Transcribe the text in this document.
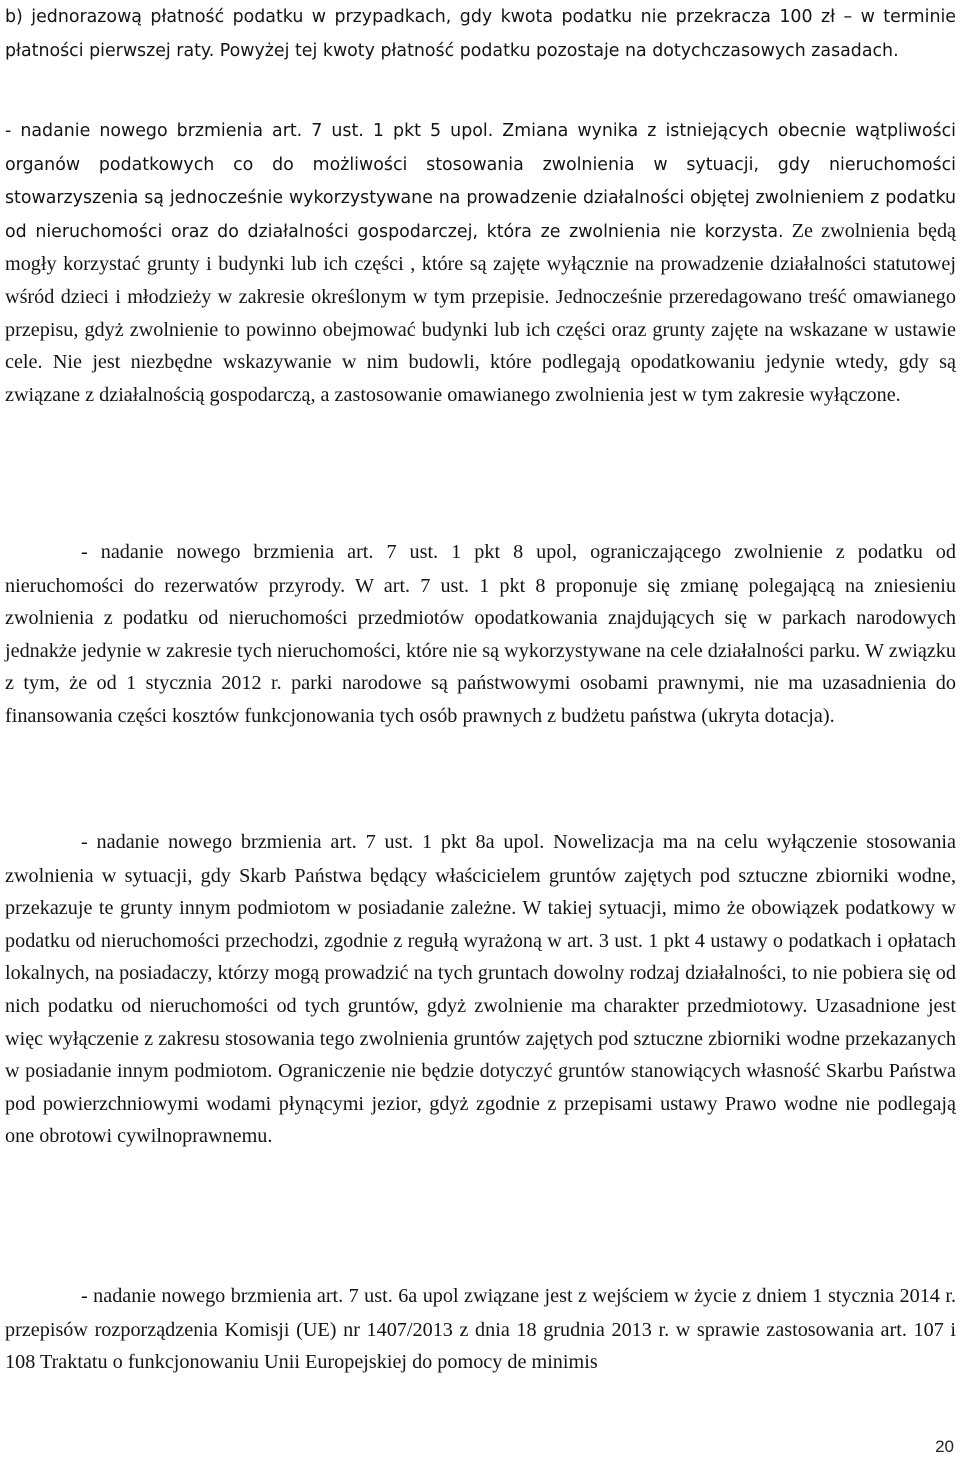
b) jednorazową płatność podatku w przypadkach, gdy kwota podatku nie przekracza 100 zł – w terminie płatności pierwszej raty. Powyżej tej kwoty płatność podatku pozostaje na dotychczasowych zasadach.

- nadanie nowego brzmienia art. 7 ust. 1 pkt 5 upol. Zmiana wynika z istniejących obecnie wątpliwości organów podatkowych co do możliwości stosowania zwolnienia w sytuacji, gdy nieruchomości stowarzyszenia są jednocześnie wykorzystywane na prowadzenie działalności objętej zwolnieniem z podatku od nieruchomości oraz do działalności gospodarczej, która ze zwolnienia nie korzysta. Ze zwolnienia będą mogły korzystać grunty i budynki lub ich części , które są zajęte wyłącznie na prowadzenie działalności statutowej wśród dzieci i młodzieży w zakresie określonym w tym przepisie. Jednocześnie przeredagowano treść omawianego przepisu, gdyż zwolnienie to powinno obejmować budynki lub ich części oraz grunty zajęte na wskazane w ustawie cele. Nie jest niezbędne wskazywanie w nim budowli, które podlegają opodatkowaniu jedynie wtedy, gdy są związane z działalnością gospodarczą, a zastosowanie omawianego zwolnienia jest w tym zakresie wyłączone.

- nadanie nowego brzmienia art. 7 ust. 1 pkt 8 upol, ograniczającego zwolnienie z podatku od nieruchomości do rezerwatów przyrody. W art. 7 ust. 1 pkt 8 proponuje się zmianę polegającą na zniesieniu zwolnienia z podatku od nieruchomości przedmiotów opodatkowania znajdujących się w parkach narodowych jednakże jedynie w zakresie tych nieruchomości, które nie są wykorzystywane na cele działalności parku. W związku z tym, że od 1 stycznia 2012 r. parki narodowe są państwowymi osobami prawnymi, nie ma uzasadnienia do finansowania części kosztów funkcjonowania tych osób prawnych z budżetu państwa (ukryta dotacja).

- nadanie nowego brzmienia art. 7 ust. 1 pkt 8a upol. Nowelizacja ma na celu wyłączenie stosowania zwolnienia w sytuacji, gdy Skarb Państwa będący właścicielem gruntów zajętych pod sztuczne zbiorniki wodne, przekazuje te grunty innym podmiotom w posiadanie zależne. W takiej sytuacji, mimo że obowiązek podatkowy w podatku od nieruchomości przechodzi, zgodnie z regułą wyrażoną w art. 3 ust. 1 pkt 4 ustawy o podatkach i opłatach lokalnych, na posiadaczy, którzy mogą prowadzić na tych gruntach dowolny rodzaj działalności, to nie pobiera się od nich podatku od nieruchomości od tych gruntów, gdyż zwolnienie ma charakter przedmiotowy. Uzasadnione jest więc wyłączenie z zakresu stosowania tego zwolnienia gruntów zajętych pod sztuczne zbiorniki wodne przekazanych w posiadanie innym podmiotom. Ograniczenie nie będzie dotyczyć gruntów stanowiących własność Skarbu Państwa pod powierzchniowymi wodami płynącymi jezior, gdyż zgodnie z przepisami ustawy Prawo wodne nie podlegają one obrotowi cywilnoprawnemu.

- nadanie nowego brzmienia art. 7 ust. 6a upol związane jest z wejściem w życie z dniem 1 stycznia 2014 r. przepisów rozporządzenia Komisji (UE) nr 1407/2013 z dnia 18 grudnia 2013 r. w sprawie zastosowania art. 107 i 108 Traktatu o funkcjonowaniu Unii Europejskiej do pomocy de minimis

20
